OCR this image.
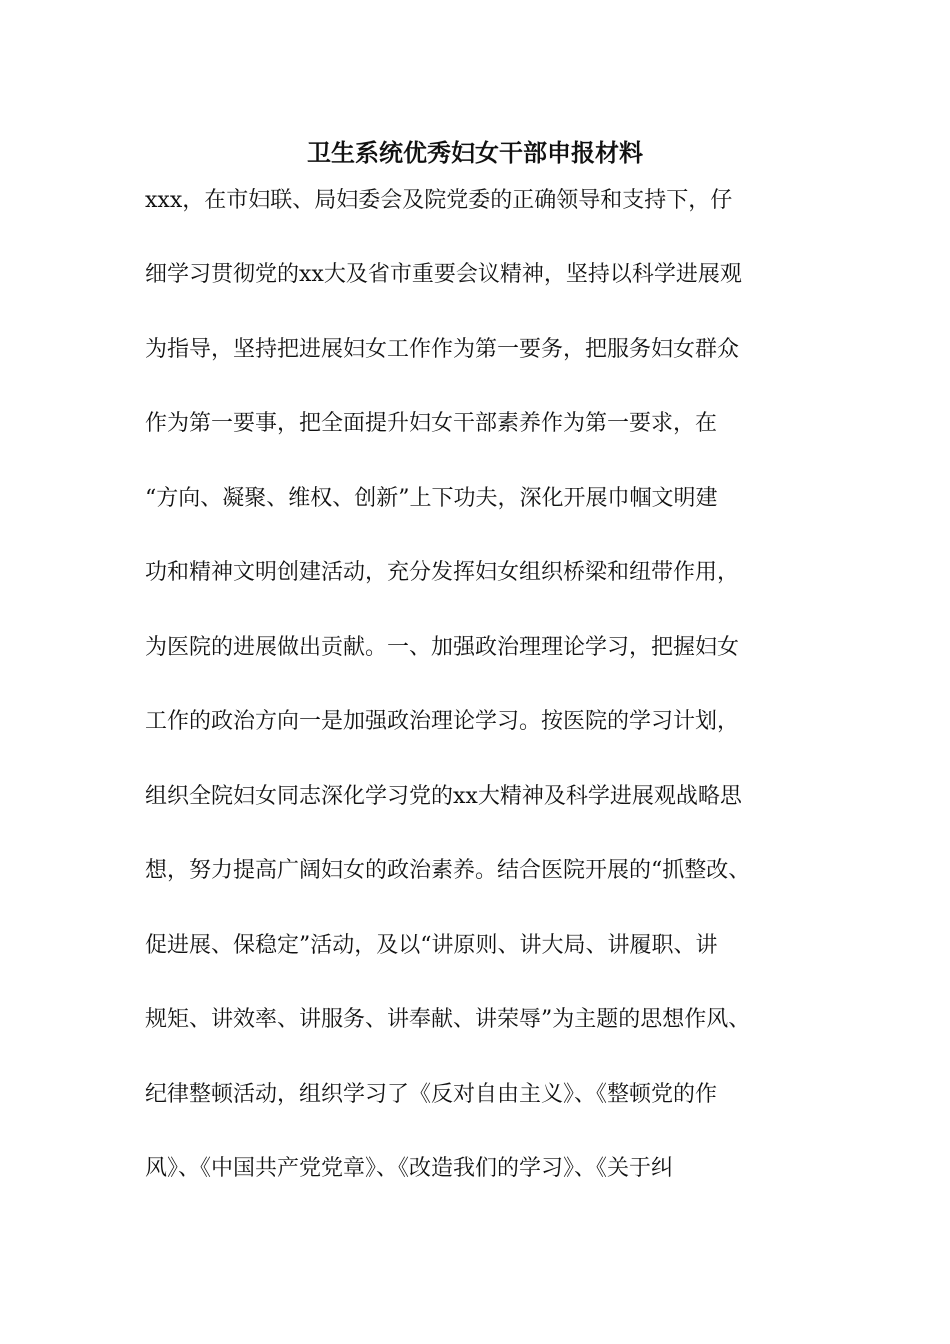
卫生系统优秀妇女干部申报材料
xxx，在市妇联、局妇委会及院党委的正确领导和支持下，仔
细学习贯彻党的xx大及省市重要会议精神，坚持以科学进展观
为指导，坚持把进展妇女工作作为第一要务，把服务妇女群众
作为第一要事，把全面提升妇女干部素养作为第一要求，在
“方向、凝聚、维权、创新”上下功夫，深化开展巾帼文明建
功和精神文明创建活动，充分发挥妇女组织桥梁和纽带作用，
为医院的进展做出贡献。一、加强政治理理论学习，把握妇女
工作的政治方向一是加强政治理论学习。按医院的学习计划，
组织全院妇女同志深化学习党的xx大精神及科学进展观战略思
想，努力提高广阔妇女的政治素养。结合医院开展的“抓整改、
促进展、保稳定”活动，及以“讲原则、讲大局、讲履职、讲
规矩、讲效率、讲服务、讲奉献、讲荣辱”为主题的思想作风、
纪律整顿活动，组织学习了《反对自由主义》、《整顿党的作
风》、《中国共产党党章》、《改造我们的学习》、《关于纠
